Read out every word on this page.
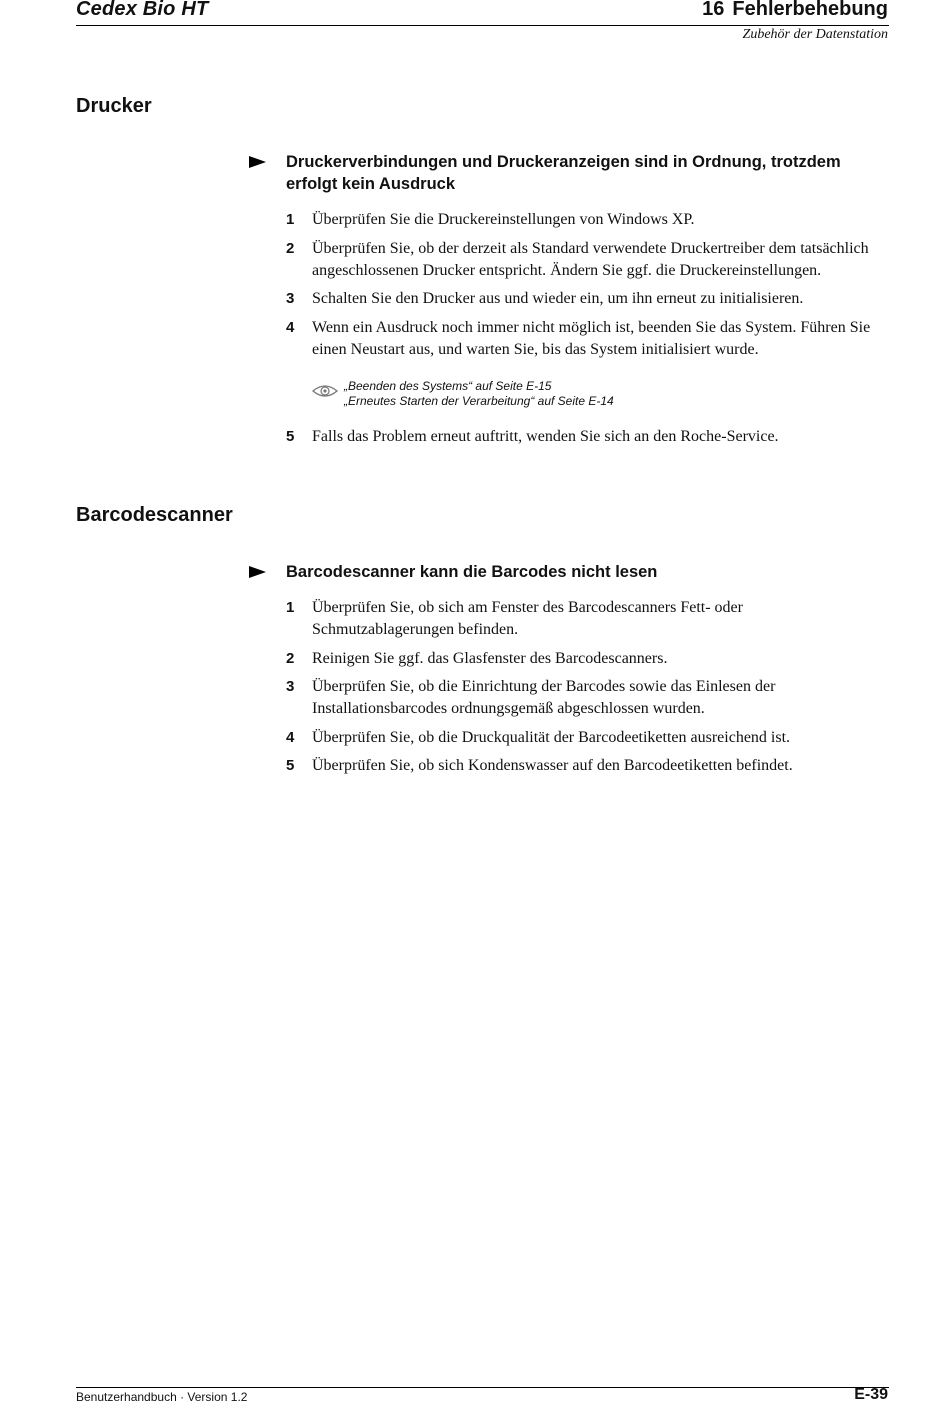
Cedex Bio HT	16 Fehlerbehebung
Zubehör der Datenstation
Drucker
Druckerverbindungen und Druckeranzeigen sind in Ordnung, trotzdem erfolgt kein Ausdruck
1 Überprüfen Sie die Druckereinstellungen von Windows XP.
2 Überprüfen Sie, ob der derzeit als Standard verwendete Druckertreiber dem tatsächlich angeschlossenen Drucker entspricht. Ändern Sie ggf. die Druckereinstellungen.
3 Schalten Sie den Drucker aus und wieder ein, um ihn erneut zu initialisieren.
4 Wenn ein Ausdruck noch immer nicht möglich ist, beenden Sie das System. Führen Sie einen Neustart aus, und warten Sie, bis das System initialisiert wurde.
„Beenden des Systems“ auf Seite E-15
„Erneutes Starten der Verarbeitung“ auf Seite E-14
5 Falls das Problem erneut auftritt, wenden Sie sich an den Roche-Service.
Barcodescanner
Barcodescanner kann die Barcodes nicht lesen
1 Überprüfen Sie, ob sich am Fenster des Barcodescanners Fett- oder Schmutzablagerungen befinden.
2 Reinigen Sie ggf. das Glasfenster des Barcodescanners.
3 Überprüfen Sie, ob die Einrichtung der Barcodes sowie das Einlesen der Installationsbarcodes ordnungsgemäß abgeschlossen wurden.
4 Überprüfen Sie, ob die Druckqualität der Barcodeetiketten ausreichend ist.
5 Überprüfen Sie, ob sich Kondenswasser auf den Barcodeetiketten befindet.
Benutzerhandbuch · Version 1.2	E-39
